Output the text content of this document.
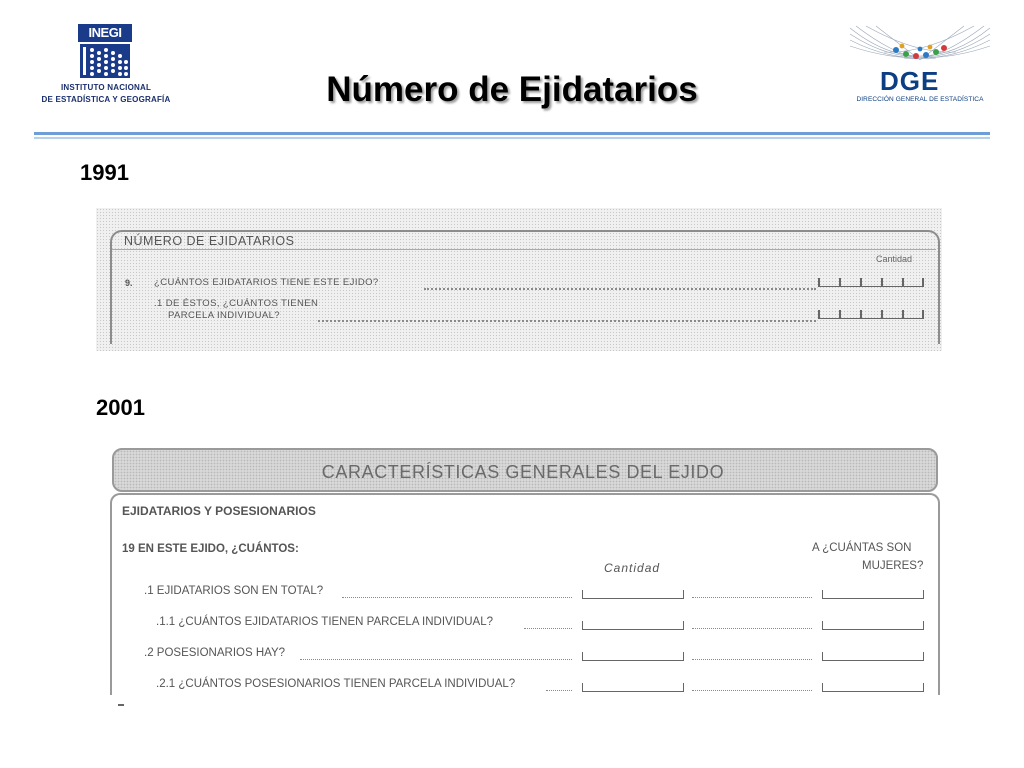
INEGI
INSTITUTO NACIONAL
DE ESTADÍSTICA Y GEOGRAFÍA	Número de Ejidatarios	DGE
DIRECCIÓN GENERAL DE ESTADÍSTICA
1991
NÚMERO DE EJIDATARIOS
Cantidad
9. ¿CUÁNTOS EJIDATARIOS TIENE ESTE EJIDO?
.1 DE ÉSTOS, ¿CUÁNTOS TIENEN
PARCELA INDIVIDUAL?
2001
CARACTERÍSTICAS GENERALES DEL EJIDO
EJIDATARIOS Y POSESIONARIOS
19 EN ESTE EJIDO, ¿CUÁNTOS:	A ¿CUÁNTAS SON
MUJERES?
Cantidad
.1 EJIDATARIOS SON EN TOTAL?
.1.1 ¿CUÁNTOS EJIDATARIOS TIENEN PARCELA INDIVIDUAL?
.2 POSESIONARIOS HAY?
.2.1 ¿CUÁNTOS POSESIONARIOS TIENEN PARCELA INDIVIDUAL?
